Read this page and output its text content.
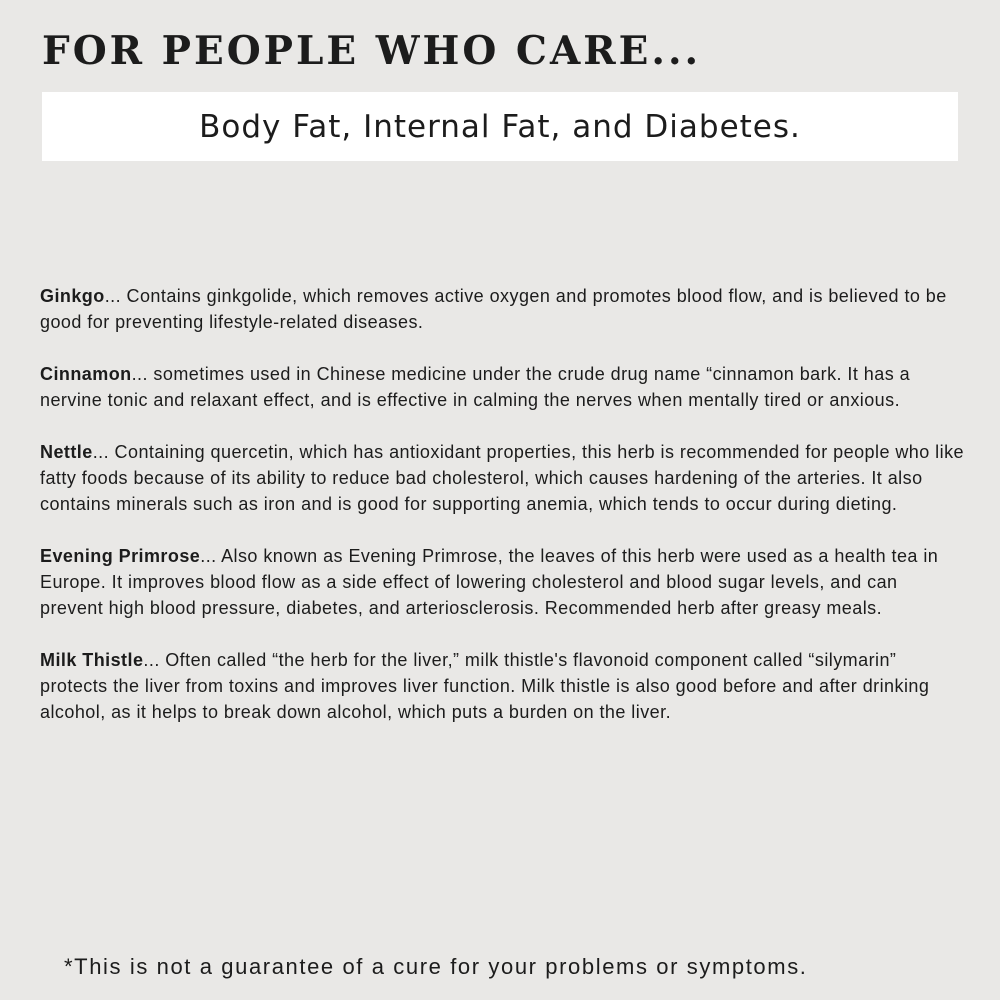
FOR PEOPLE WHO CARE...
Body Fat, Internal Fat, and Diabetes.
Ginkgo... Contains ginkgolide, which removes active oxygen and promotes blood flow, and is believed to be good for preventing lifestyle-related diseases.
Cinnamon... sometimes used in Chinese medicine under the crude drug name “cinnamon bark. It has a nervine tonic and relaxant effect, and is effective in calming the nerves when mentally tired or anxious.
Nettle... Containing quercetin, which has antioxidant properties, this herb is recommended for people who like fatty foods because of its ability to reduce bad cholesterol, which causes hardening of the arteries. It also contains minerals such as iron and is good for supporting anemia, which tends to occur during dieting.
Evening Primrose... Also known as Evening Primrose, the leaves of this herb were used as a health tea in Europe. It improves blood flow as a side effect of lowering cholesterol and blood sugar levels, and can prevent high blood pressure, diabetes, and arteriosclerosis. Recommended herb after greasy meals.
Milk Thistle... Often called “the herb for the liver,” milk thistle's flavonoid component called “silymarin” protects the liver from toxins and improves liver function. Milk thistle is also good before and after drinking alcohol, as it helps to break down alcohol, which puts a burden on the liver.

*This is not a guarantee of a cure for your problems or symptoms.
